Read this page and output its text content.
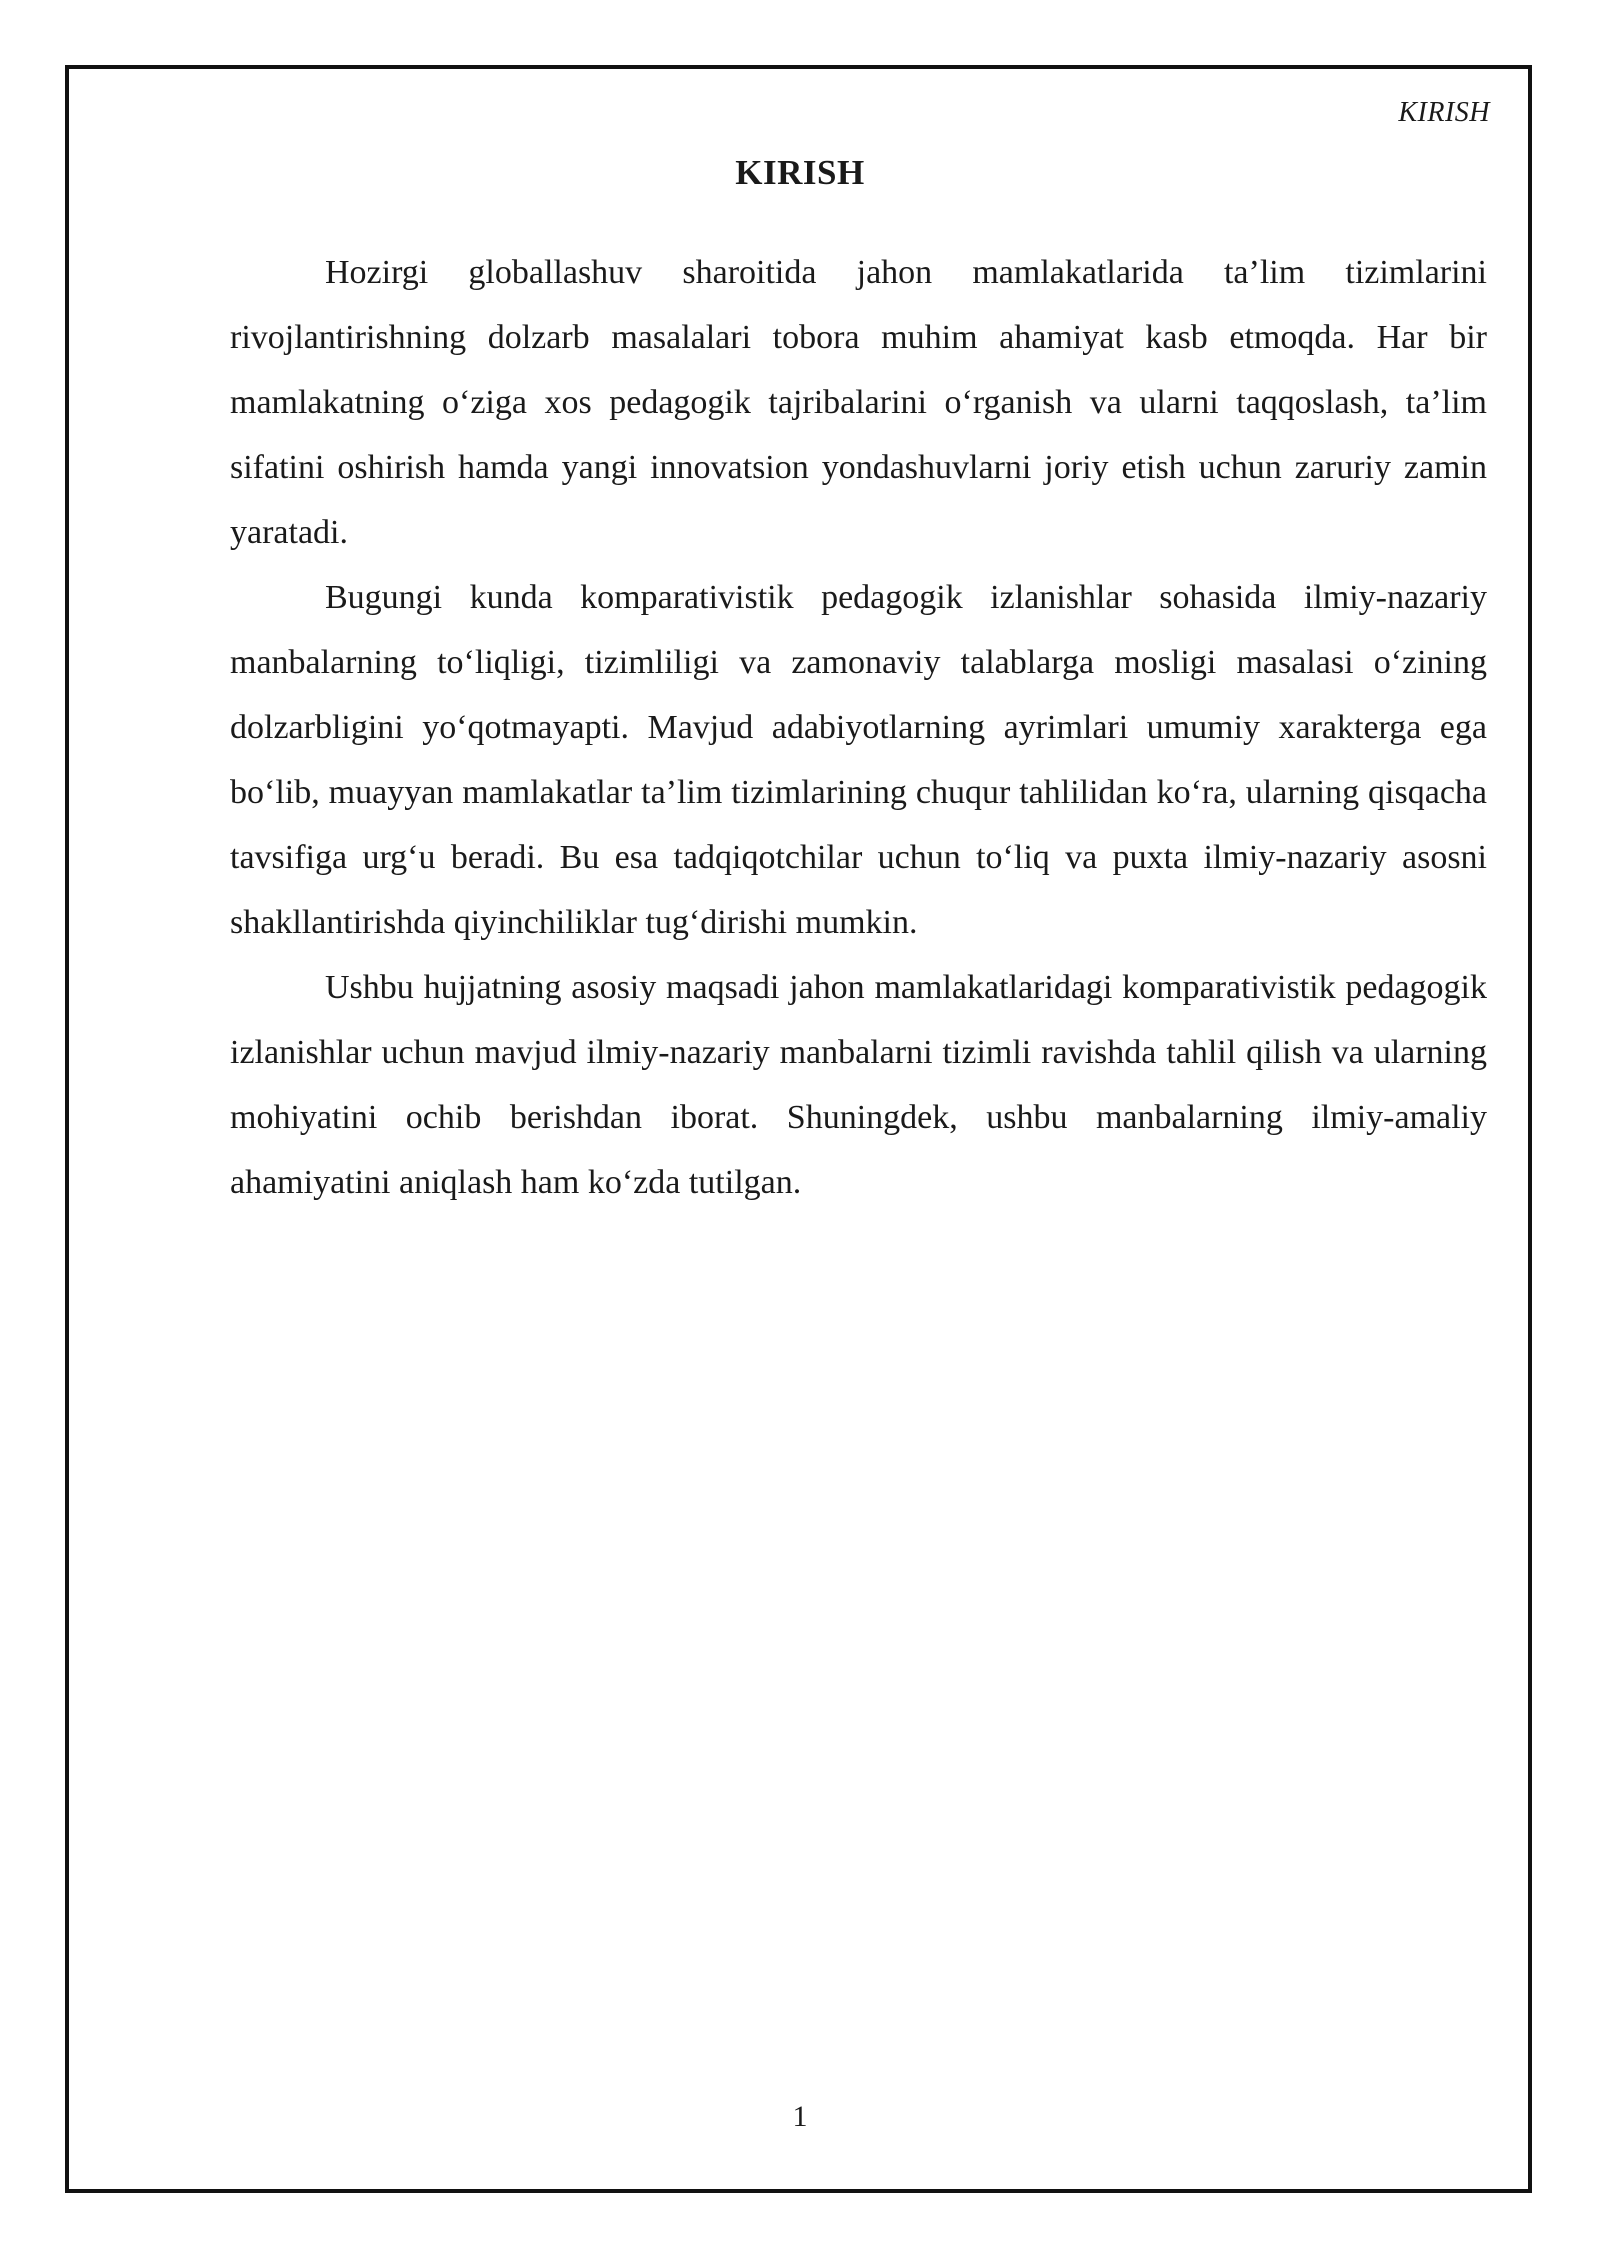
KIRISH
KIRISH

Hozirgi globallashuv sharoitida jahon mamlakatlarida ta’lim tizimlarini rivojlantirishning dolzarb masalalari tobora muhim ahamiyat kasb etmoqda. Har bir mamlakatning o‘ziga xos pedagogik tajribalarini o‘rganish va ularni taqqoslash, ta’lim sifatini oshirish hamda yangi innovatsion yondashuvlarni joriy etish uchun zaruriy zamin yaratadi.

Bugungi kunda komparativistik pedagogik izlanishlar sohasida ilmiy-nazariy manbalarning to‘liqligi, tizimliligi va zamonaviy talablarga mosligi masalasi o‘zining dolzarbligini yo‘qotmayapti. Mavjud adabiyotlarning ayrimlari umumiy xarakterga ega bo‘lib, muayyan mamlakatlar ta’lim tizimlarining chuqur tahlilidan ko‘ra, ularning qisqacha tavsifiga urg‘u beradi. Bu esa tadqiqotchilar uchun to‘liq va puxta ilmiy-nazariy asosni shakllantirishda qiyinchiliklar tug‘dirishi mumkin.

Ushbu hujjatning asosiy maqsadi jahon mamlakatlaridagi komparativistik pedagogik izlanishlar uchun mavjud ilmiy-nazariy manbalarni tizimli ravishda tahlil qilish va ularning mohiyatini ochib berishdan iborat. Shuningdek, ushbu manbalarning ilmiy-amaliy ahamiyatini aniqlash ham ko‘zda tutilgan.

1
